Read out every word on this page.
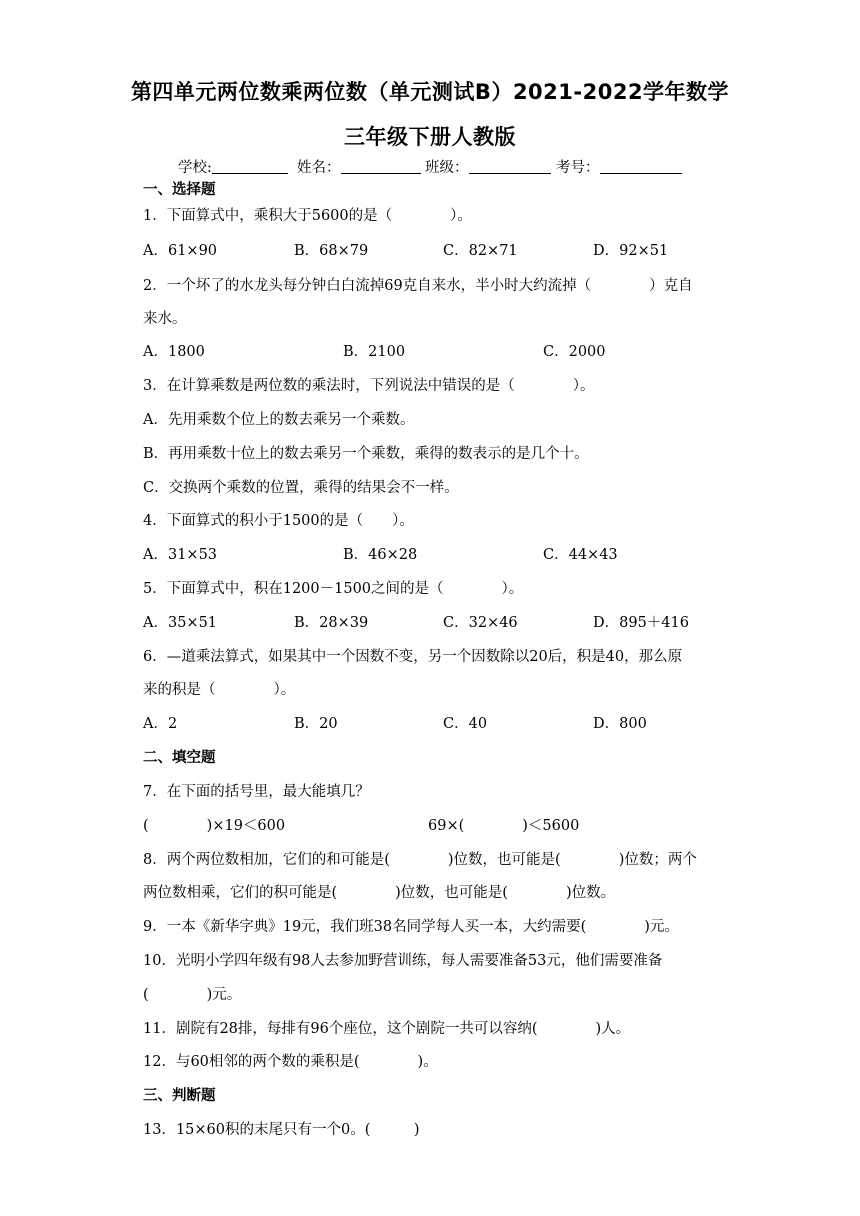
第四单元两位数乘两位数（单元测试B）2021-2022学年数学
三年级下册人教版
学校:	姓名：	班级：	考号：
一、选择题
1．下面算式中，乘积大于5600的是（　　　　）。
A．61×90	B．68×79	C．82×71	D．92×51
2．一个坏了的水龙头每分钟白白流掉69克自来水，半小时大约流掉（　　　　）克自
来水。
A．1800	B．2100	C．2000
3．在计算乘数是两位数的乘法时，下列说法中错误的是（　　　　）。
A．先用乘数个位上的数去乘另一个乘数。
B．再用乘数十位上的数去乘另一个乘数，乘得的数表示的是几个十。
C．交换两个乘数的位置，乘得的结果会不一样。
4．下面算式的积小于1500的是（　　）。
A．31×53	B．46×28	C．44×43
5．下面算式中，积在1200－1500之间的是（　　　　）。
A．35×51	B．28×39	C．32×46	D．895＋416
6．—道乘法算式，如果其中一个因数不变，另一个因数除以20后，积是40，那么原
来的积是（　　　　）。
A．2	B．20	C．40	D．800
二、填空题
7．在下面的括号里，最大能填几？
(　　　　)×19＜600	69×(　　　　)＜5600
8．两个两位数相加，它们的和可能是(　　　　)位数，也可能是(　　　　)位数；两个
两位数相乘，它们的积可能是(　　　　)位数，也可能是(　　　　)位数。
9．一本《新华字典》19元，我们班38名同学每人买一本，大约需要(　　　　)元。
10．光明小学四年级有98人去参加野营训练，每人需要准备53元，他们需要准备
(　　　　)元。
11．剧院有28排，每排有96个座位，这个剧院一共可以容纳(　　　　)人。
12．与60相邻的两个数的乘积是(　　　　)。
三、判断题
13．15×60积的末尾只有一个0。(　　　)
